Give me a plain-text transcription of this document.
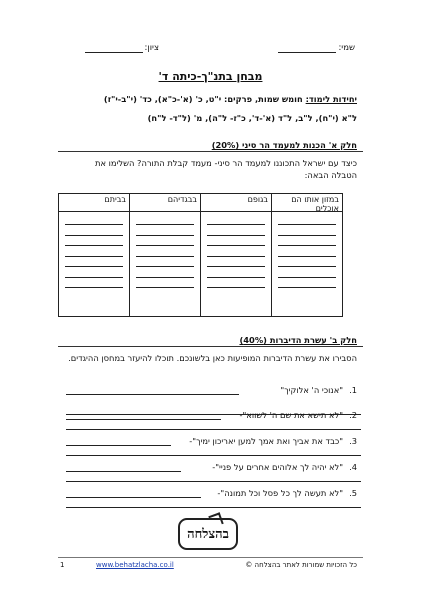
שמי:
ציון:
מבחן בתנ"ך-כיתה ד'
יחידות לימוד: חומש שמות, פרקים: י"ט, כ' (א'-כ"א), כד' (י"ב-י"ז)
ל"א (י"ח), ל"ב, ל"ד (א'-ד', כ"ז- ל"ה), מ' (ל"ד- ל"ח)
חלק א' הכנות למעמד הר סיני (20%)
כיצד עם ישראל התכוננו למעמד הר סיני- מעמד קבלת התורה? השלימו את הטבלה הבאה:
במזון אותו הם אוכלים
בגופם
בבגדיהם
בביתם
חלק ב' עשרת הדיברות (40%)
הסבירו את עשרת הדיברות המופיעות כאן בלשונכם. תוכלו להיעזר במחסן ההיגדים.
1.
"אנוכי ה' אלוקיך"
2.
"לא תישא את שם ה' לשווא"-
3.
"כבד את אביך ואת אמך למען יאריכון ימיך"-
4.
"לא יהיה לך אלוהים אחרים על פניי"-
5.
"לא תעשה לך כל פסל וכל תמונה"-
בהצלחה
כל הזכויות שמורות לאתר בהצלחה ©
www.behatzlacha.co.il
1
